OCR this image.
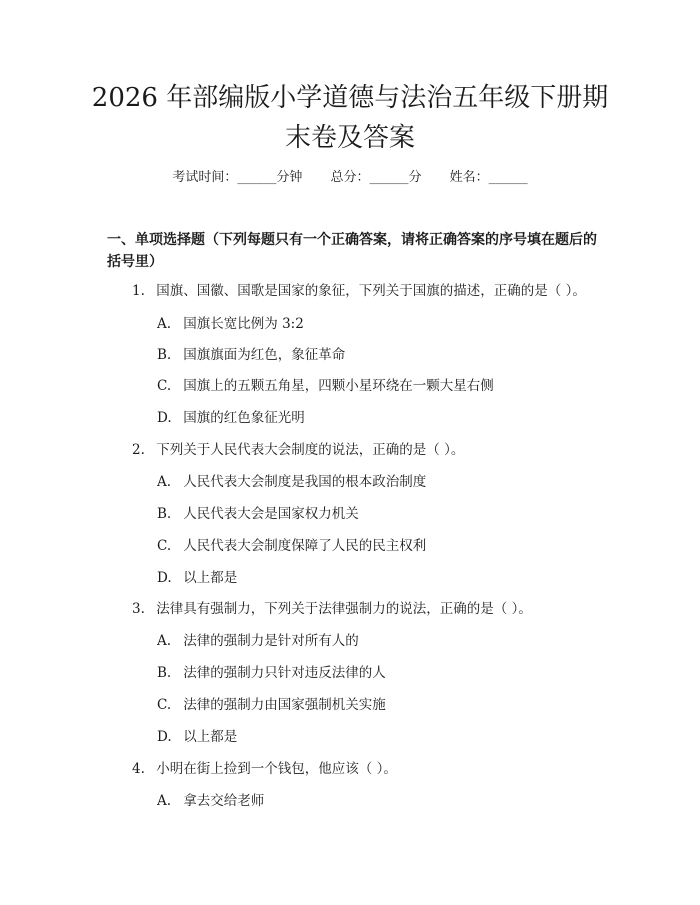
2026 年部编版小学道德与法治五年级下册期
末卷及答案
考试时间：______分钟 总分：______分 姓名：______
一、单项选择题（下列每题只有一个正确答案，请将正确答案的序号填在题后的括号里）
1. 国旗、国徽、国歌是国家的象征，下列关于国旗的描述，正确的是（ ）。
A. 国旗长宽比例为 3:2
B. 国旗旗面为红色，象征革命
C. 国旗上的五颗五角星，四颗小星环绕在一颗大星右侧
D. 国旗的红色象征光明
2. 下列关于人民代表大会制度的说法，正确的是（ ）。
A. 人民代表大会制度是我国的根本政治制度
B. 人民代表大会是国家权力机关
C. 人民代表大会制度保障了人民的民主权利
D. 以上都是
3. 法律具有强制力，下列关于法律强制力的说法，正确的是（ ）。
A. 法律的强制力是针对所有人的
B. 法律的强制力只针对违反法律的人
C. 法律的强制力由国家强制机关实施
D. 以上都是
4. 小明在街上捡到一个钱包，他应该（ ）。
A. 拿去交给老师
